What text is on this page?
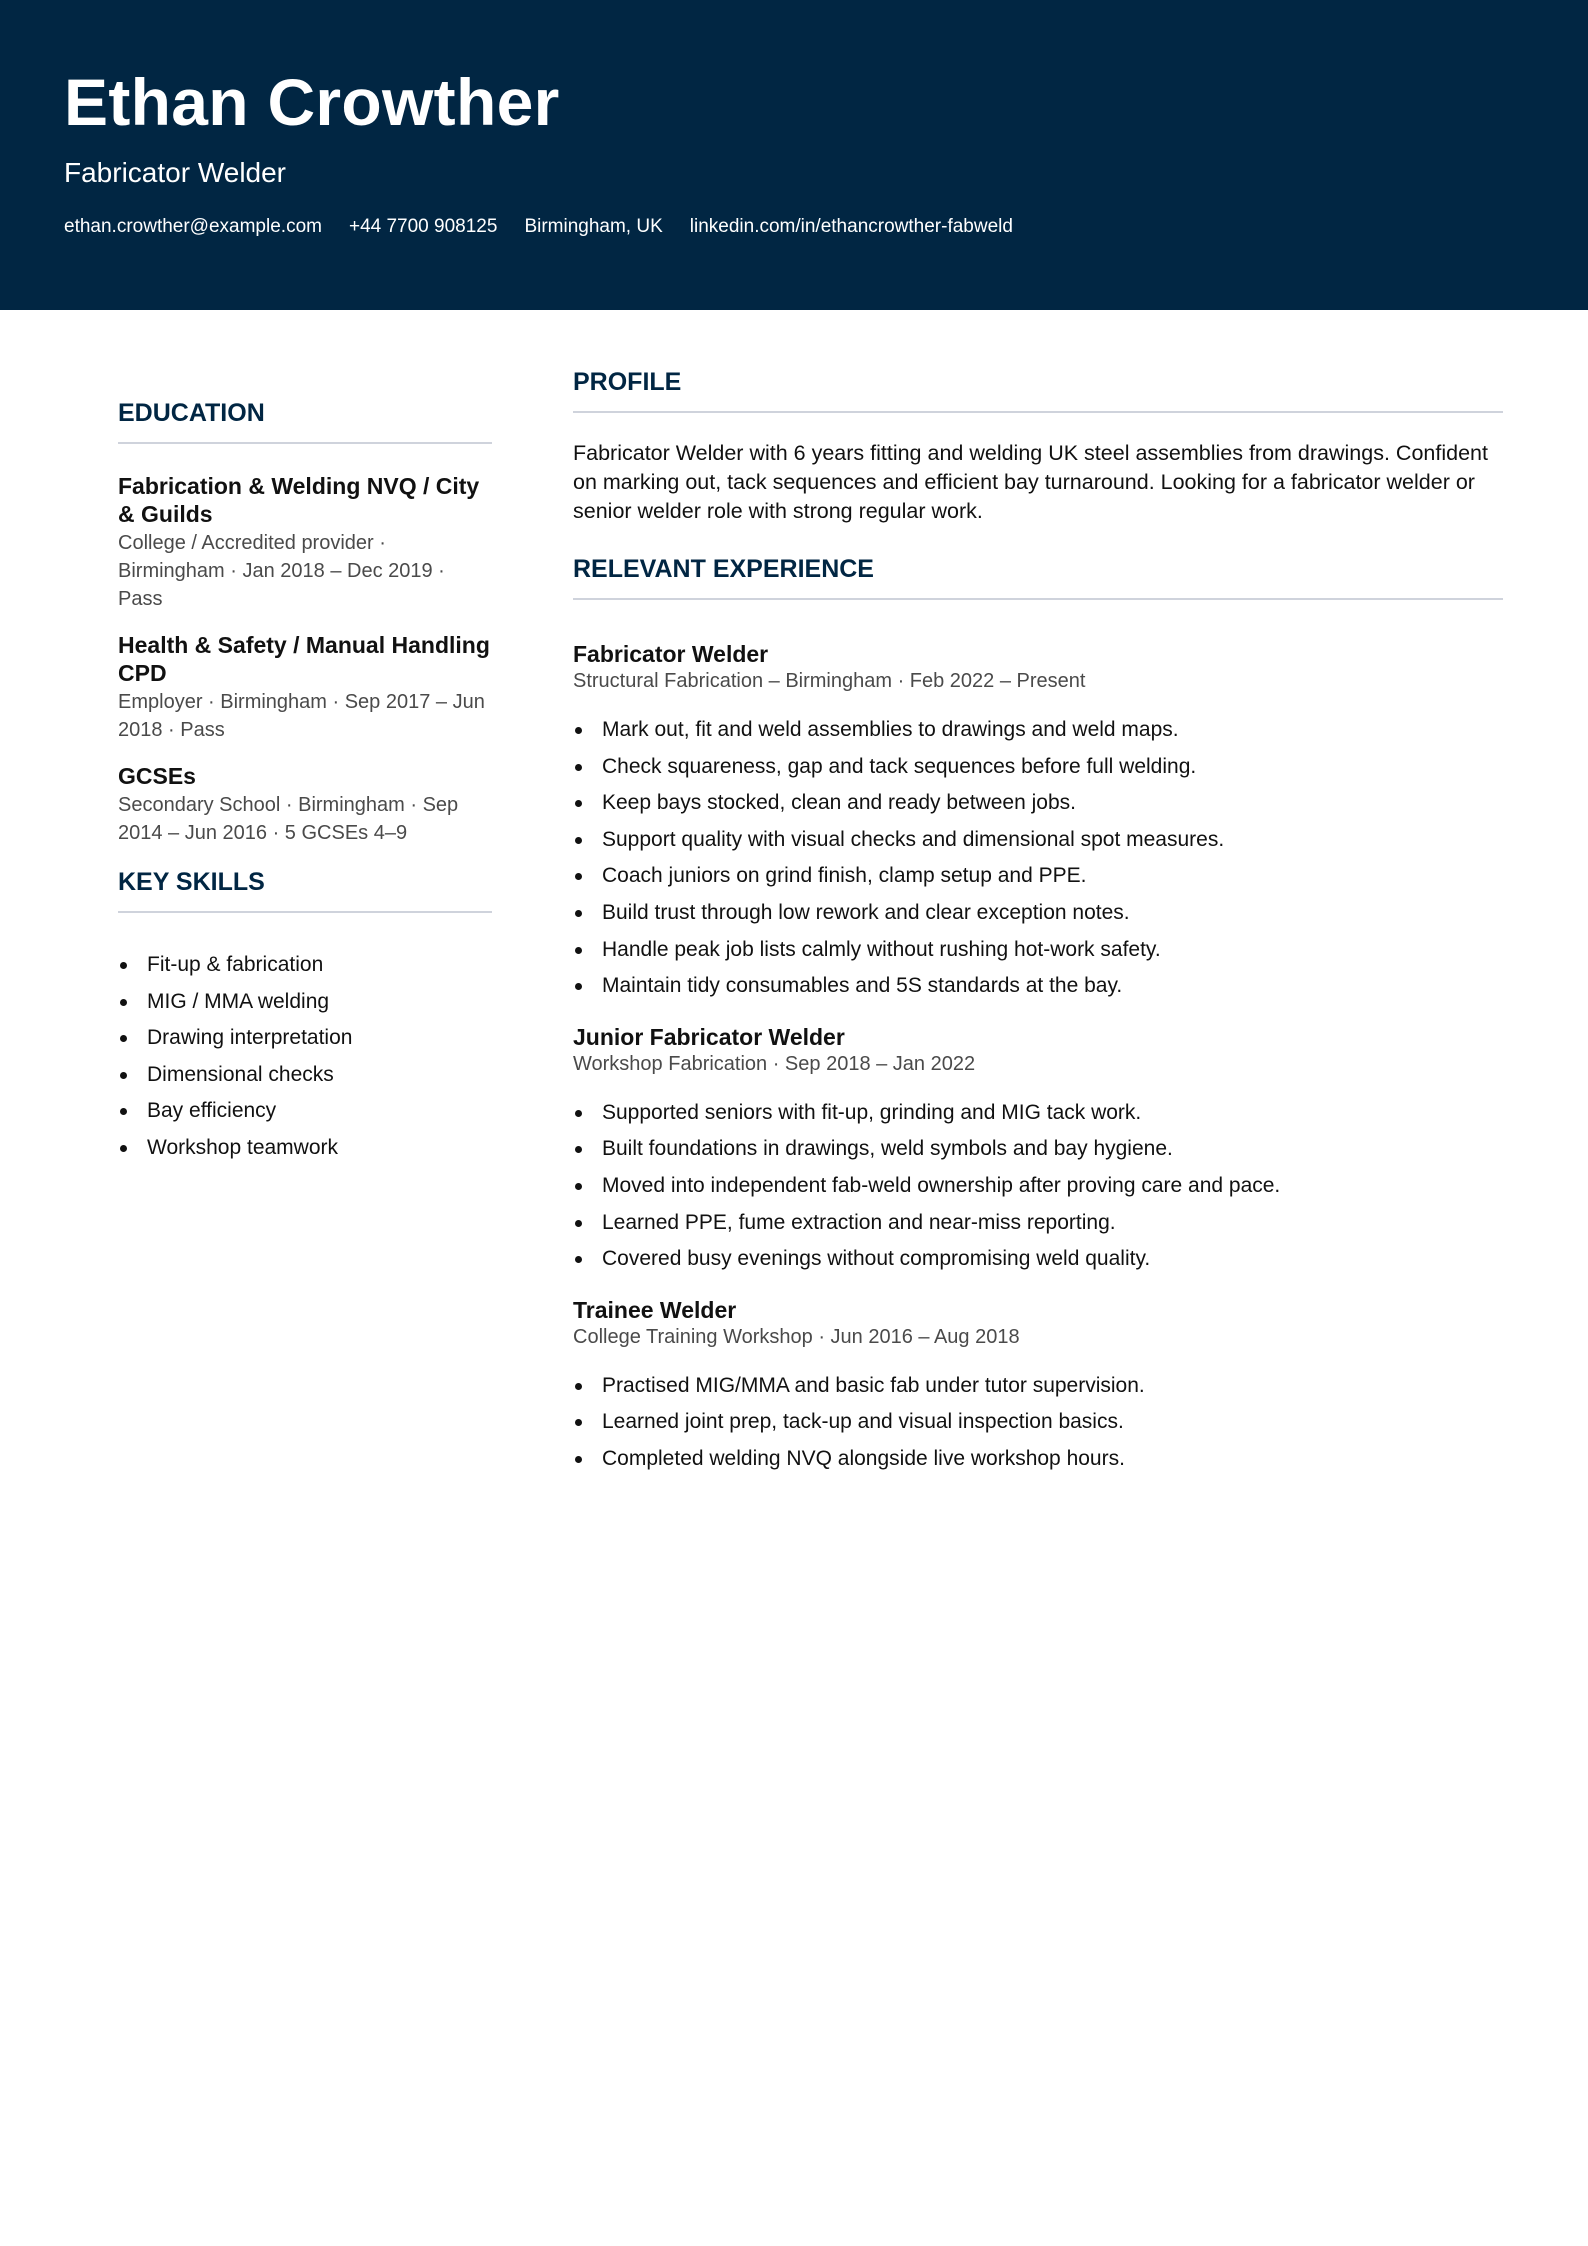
Ethan Crowther
Fabricator Welder
ethan.crowther@example.com +44 7700 908125 Birmingham, UK linkedin.com/in/ethancrowther-fabweld
EDUCATION
Fabrication & Welding NVQ / City & Guilds
College / Accredited provider · Birmingham · Jan 2018 – Dec 2019 · Pass
Health & Safety / Manual Handling CPD
Employer · Birmingham · Sep 2017 – Jun 2018 · Pass
GCSEs
Secondary School · Birmingham · Sep 2014 – Jun 2016 · 5 GCSEs 4–9
KEY SKILLS
Fit-up & fabrication
MIG / MMA welding
Drawing interpretation
Dimensional checks
Bay efficiency
Workshop teamwork
PROFILE

Fabricator Welder with 6 years fitting and welding UK steel assemblies from drawings. Confident on marking out, tack sequences and efficient bay turnaround. Looking for a fabricator welder or senior welder role with strong regular work.

RELEVANT EXPERIENCE
Fabricator Welder
Structural Fabrication – Birmingham · Feb 2022 – Present
Mark out, fit and weld assemblies to drawings and weld maps.
Check squareness, gap and tack sequences before full welding.
Keep bays stocked, clean and ready between jobs.
Support quality with visual checks and dimensional spot measures.
Coach juniors on grind finish, clamp setup and PPE.
Build trust through low rework and clear exception notes.
Handle peak job lists calmly without rushing hot-work safety.
Maintain tidy consumables and 5S standards at the bay.
Junior Fabricator Welder
Workshop Fabrication · Sep 2018 – Jan 2022
Supported seniors with fit-up, grinding and MIG tack work.
Built foundations in drawings, weld symbols and bay hygiene.
Moved into independent fab-weld ownership after proving care and pace.
Learned PPE, fume extraction and near-miss reporting.
Covered busy evenings without compromising weld quality.
Trainee Welder
College Training Workshop · Jun 2016 – Aug 2018
Practised MIG/MMA and basic fab under tutor supervision.
Learned joint prep, tack-up and visual inspection basics.
Completed welding NVQ alongside live workshop hours.
